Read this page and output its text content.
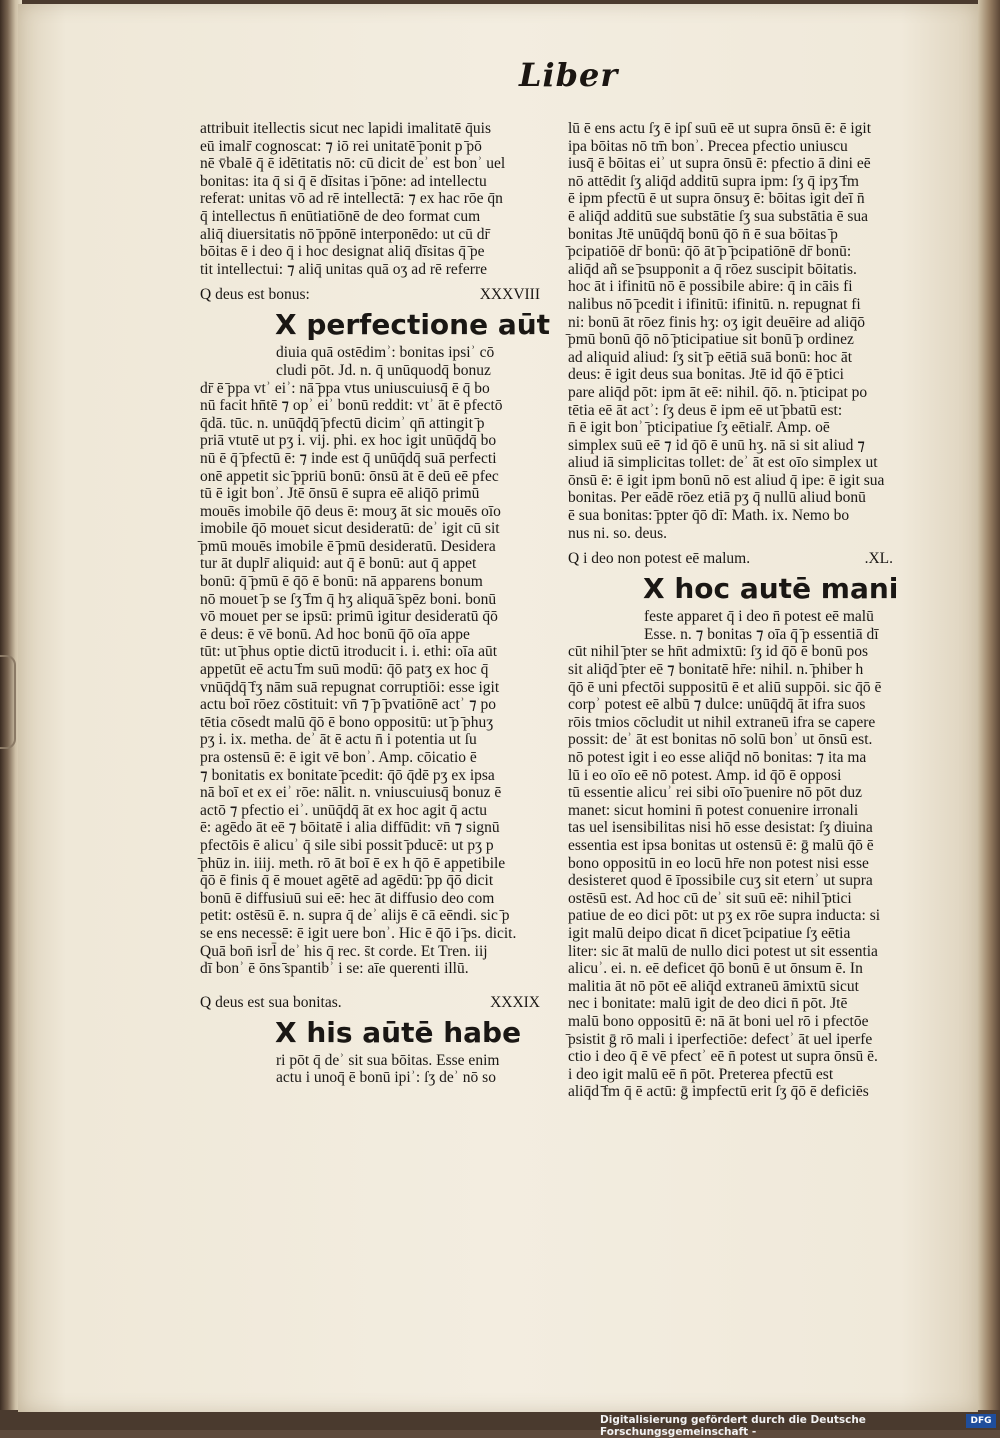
Liber
attribuit itellectis sicut nec lapidi imalitatē q̄uis
eū imalr̄ cognoscat: ⁊ iō rei unitatē ̄ponit p ̄pō
nē v̄balē q̄ ē idētitatis nō: cū dicit deʾ est bonʾ uel
bonitas: ita q̄ si q̄ ē dīsitas i ̄pōne: ad intellectu
referat: unitas vō ad rē intellectā: ⁊ ex hac rōe q̄n
q̄ intellectus n̄ enūtiatiōnē de deo format cum
aliq̄ diuersitatis nō ̄ppōnē interponēdo: ut cū dr̄
bōitas ē i deo q̄ i hoc designat aliq̄ dīsitas q̄ ̄pe
tit intellectui: ⁊ aliq̄ unitas quā oʒ ad rē referre
Q deus est bonus:	XXXVIII
X perfectione aūt
diuia quā ostēdimʾ: bonitas ipsiʾ cō
cludi pōt. Jd. n. q̄ unūquodq̄ bonuz
dr̄ ē ̄ppa vtʾ eiʾ: nā ̄ppa vtus uniuscuiusq̄ ē q̄ bo
nū facit hn̄tē ⁊ opʾ eiʾ bonū reddit: vtʾ āt ē pfectō
q̄dā. tūc. n. unūq̄dq̄ ̄pfectū dicimʾ qn̄ attingit ̄p
priā vtutē ut pʒ i. vij. phi. ex hoc igit unūq̄dq̄ bo
nū ē q̄ ̄pfectū ē: ⁊ inde est q̄ unūq̄dq̄ suā perfecti
onē appetit sic ̄ppriū bonū: ōnsū āt ē deū eē pfec
tū ē igit bonʾ. Jtē ōnsū ē supra eē aliq̄ō primū
mouēs imobile q̄ō deus ē: mouʒ āt sic mouēs oīo
imobile q̄ō mouet sicut desideratū: deʾ igit cū sit
̄pmū mouēs imobile ē ̄pmū desideratū. Desidera
tur āt duplr̄ aliquid: aut q̄ ē bonū: aut q̄ appet
bonū: q̄ ̄pmū ē q̄ō ē bonū: nā apparens bonum
nō mouet ̄p se ſʒ ̄fm q̄ hʒ aliquā ̄spēz boni. bonū
vō mouet per se ipsū: primū igitur desideratū q̄ō
ē deus: ē vē bonū. Ad hoc bonū q̄ō oīa appe
tūt: ut ̄phus optie dictū itroducit i. i. ethi: oīa aūt
appetūt eē actu ̄fm suū modū: q̄ō patʒ ex hoc q̄
vnūq̄dq̄ ̄fʒ nām suā repugnat corruptiōi: esse igit
actu boī rōez cōstituit: vn̄ ⁊ ̄p ̄pvatiōnē actʾ ⁊ po
tētia cōsedt malū q̄ō ē bono oppositū: ut ̄p ̄phuʒ
pʒ i. ix. metha. deʾ āt ē actu n̄ i potentia ut ſu
pra ostensū ē: ē igit vē bonʾ. Amp. cōicatio ē
⁊ bonitatis ex bonitate ̄pcedit: q̄ō q̄dē pʒ ex ipsa
nā boī et ex eiʾ rōe: nālit. n. vniuscuiusq̄ bonuz ē
actō ⁊ pfectio eiʾ. unūq̄dq̄ āt ex hoc agit q̄ actu
ē: agēdo āt eē ⁊ bōitatē i alia diffūdit: vn̄ ⁊ signū
pfectōis ē alicuʾ q̄ sile sibi possit ̄pducē: ut pʒ p
̄phūz in. iiij. meth. rō āt boī ē ex h q̄ō ē appetibile
q̄ō ē finis q̄ ē mouet agētē ad agēdū: ̄pp q̄ō dicit
bonū ē diffusiuū sui eē: hec āt diffusio deo com
petit: ostēsū ē. n. supra q̄ deʾ alijs ē cā eēndi. sic ̄p
se ens necessē: ē igit uere bonʾ. Hic ē q̄ō i ̄ps. dicit.
Quā bon̄ isrl̄ deʾ his q̄ rec. s̄t corde. Et Tren. iij
dī bonʾ ē ōns ̄spantibʾ i se: aīe querenti illū.
Q deus est sua bonitas.	XXXIX
X his aūtē habe
ri pōt q̄ deʾ sit sua bōitas. Esse enim
actu i unoq̄ ē bonū ipiʾ: ſʒ deʾ nō so
lū ē ens actu ſʒ ē ipſ suū eē ut supra ōnsū ē: ē igit
ipa bōitas nō tm̄ bonʾ. Precea pfectio uniuscu
iusq̄ ē bōitas eiʾ ut supra ōnsū ē: pfectio ā dini eē
nō attēdit ſʒ aliq̄d additū supra ipm: ſʒ q̄ ipʒ ̄fm
ē ipm pfectū ē ut supra ōnsuʒ ē: bōitas igit deī n̄
ē aliq̄d additū sue substātie ſʒ sua substātia ē sua
bonitas Jtē unūq̄dq̄ bonū q̄ō n̄ ē sua bōitas ̄p
̄pcipatiōē dr̄ bonū: q̄ō āt ̄p ̄pcipatiōnē dr̄ bonū:
aliq̄d añ se ̄psupponit a q̄ rōez suscipit bōitatis.
hoc āt i ifinitū nō ē possibile abire: q̄ in cāis fi
nalibus nō ̄pcedit i ifinitū: ifinitū. n. repugnat fi
ni: bonū āt rōez finis hʒ: oʒ igit deuēire ad aliq̄ō
̄pmū bonū q̄ō nō ̄pticipatiue sit bonū ̄p ordinez
ad aliquid aliud: ſʒ sit ̄p eētiā suā bonū: hoc āt
deus: ē igit deus sua bonitas. Jtē id q̄ō ē ̄ptici
pare aliq̄d pōt: ipm āt eē: nihil. q̄ō. n. ̄pticipat po
tētia eē āt actʾ: ſʒ deus ē ipm eē ut ̄pbatū est:
n̄ ē igit bonʾ ̄pticipatiue ſʒ eētialr̄. Amp. oē
simplex suū eē ⁊ id q̄ō ē unū hʒ. nā si sit aliud ⁊
aliud iā simplicitas tollet: deʾ āt est oīo simplex ut
ōnsū ē: ē igit ipm bonū nō est aliud q̄ ipe: ē igit sua
bonitas. Per eādē rōez etiā pʒ q̄ nullū aliud bonū
ē sua bonitas: ̄ppter q̄ō dī: Math. ix. Nemo bo
nus ni. so. deus.
Q i deo non potest eē malum.	.XL.
X hoc autē mani
feste apparet q̄ i deo n̄ potest eē malū
Esse. n. ⁊ bonitas ⁊ oīa q̄ ̄p essentiā dī
cūt nihil ̄pter se hn̄t admixtū: ſʒ id q̄ō ē bonū pos
sit aliq̄d ̄pter eē ⁊ bonitatē hr̄e: nihil. n. ̄phiber h
q̄ō ē uni pfectōi suppositū ē et aliū suppōi. sic q̄ō ē
corpʾ potest eē albū ⁊ dulce: unūq̄dq̄ āt ifra suos
rōis tmios cōcludit ut nihil extraneū ifra se capere
possit: deʾ āt est bonitas nō solū bonʾ ut ōnsū est.
nō potest igit i eo esse aliq̄d nō bonitas: ⁊ ita ma
lū i eo oīo eē nō potest. Amp. id q̄ō ē opposi
tū essentie alicuʾ rei sibi oīo ̄puenire nō pōt duz
manet: sicut homini n̄ potest conuenire irronali
tas uel isensibilitas nisi hō esse desistat: ſʒ diuina
essentia est ipsa bonitas ut ostensū ē: ḡ malū q̄ō ē
bono oppositū in eo locū hr̄e non potest nisi esse
desisteret quod ē īpossibile cuʒ sit eternʾ ut supra
ostēsū est. Ad hoc cū deʾ sit suū eē: nihil ̄ptici
patiue de eo dici pōt: ut pʒ ex rōe supra inducta: si
igit malū deipo dicat n̄ dicet ̄pcipatiue ſʒ eētia
liter: sic āt malū de nullo dici potest ut sit essentia
alicuʾ. ei. n. eē deficet q̄ō bonū ē ut ōnsum ē. In
malitia āt nō pōt eē aliq̄d extraneū āmixtū sicut
nec i bonitate: malū igit de deo dici n̄ pōt. Jtē
malū bono oppositū ē: nā āt boni uel rō i pfectōe
̄psistit ḡ rō mali i iperfectiōe: defectʾ āt uel iperfe
ctio i deo q̄ ē vē pfectʾ eē n̄ potest ut supra ōnsū ē.
i deo igit malū eē n̄ pōt. Preterea pfectū est
aliq̄d ̄fm q̄ ē actū: ḡ impfectū erit ſʒ q̄ō ē deficiēs
Digitalisierung gefördert durch die Deutsche Forschungsgemeinschaft -
DFG
